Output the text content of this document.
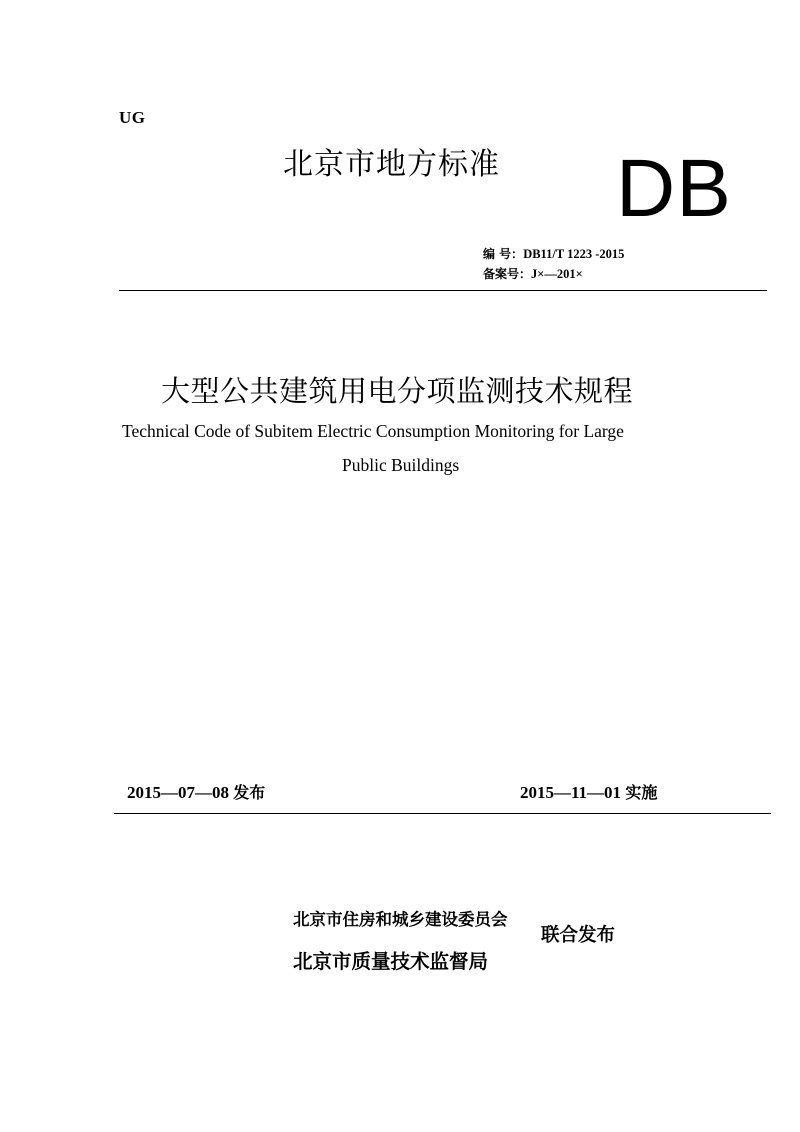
UG
北京市地方标准 DB
编 号：DB11/T 1223 -2015
备案号：J×—201×
大型公共建筑用电分项监测技术规程
Technical Code of Subitem Electric Consumption Monitoring for Large
Public Buildings
2015—07—08 发布	2015—11—01 实施
北京市住房和城乡建设委员会
北京市质量技术监督局
联合发布
